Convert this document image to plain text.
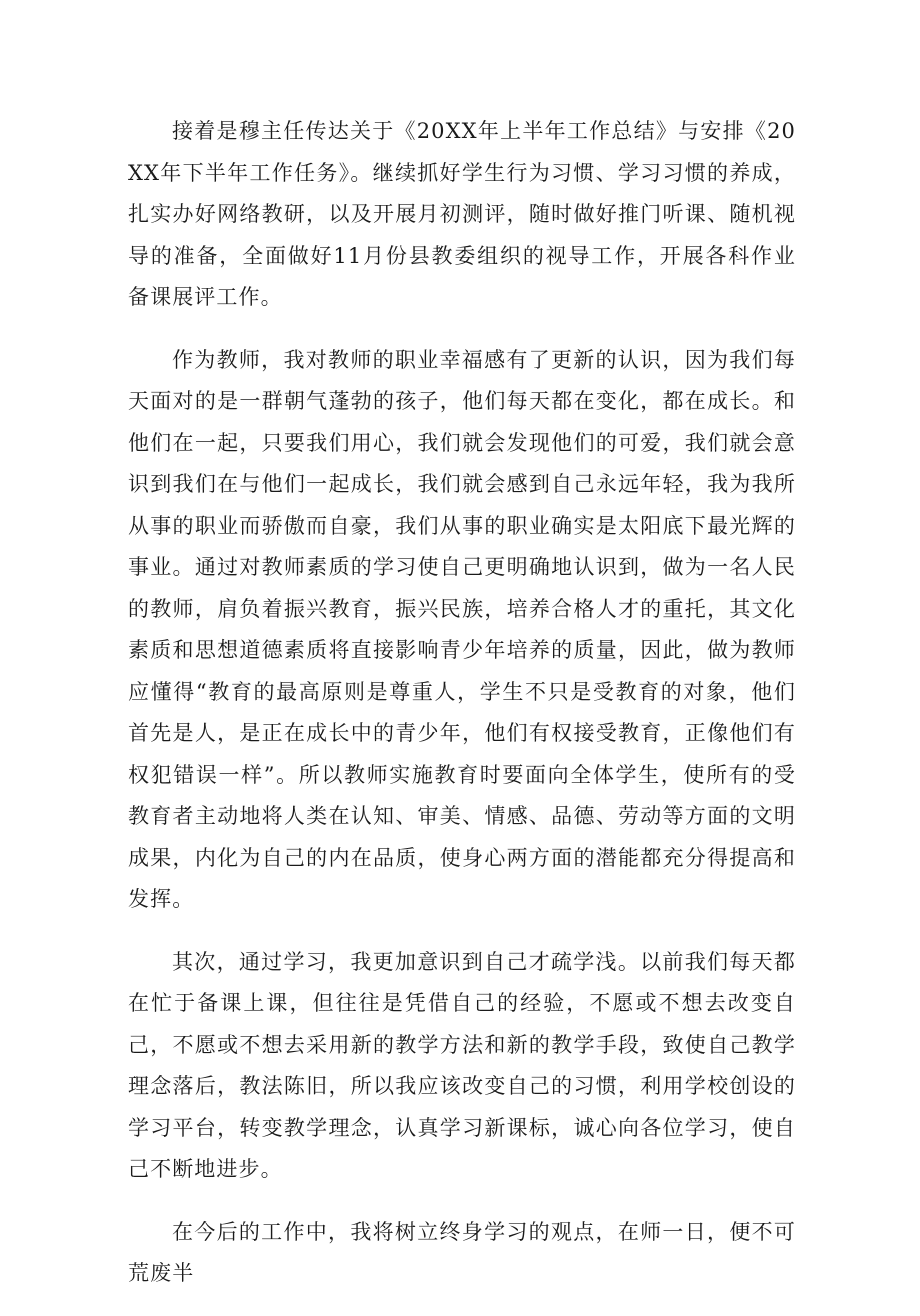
接着是穆主任传达关于《20XX年上半年工作总结》与安排《20XX年下半年工作任务》。继续抓好学生行为习惯、学习习惯的养成，扎实办好网络教研，以及开展月初测评，随时做好推门听课、随机视导的准备，全面做好11月份县教委组织的视导工作，开展各科作业备课展评工作。

作为教师，我对教师的职业幸福感有了更新的认识，因为我们每天面对的是一群朝气蓬勃的孩子，他们每天都在变化，都在成长。和他们在一起，只要我们用心，我们就会发现他们的可爱，我们就会意识到我们在与他们一起成长，我们就会感到自己永远年轻，我为我所从事的职业而骄傲而自豪，我们从事的职业确实是太阳底下最光辉的事业。通过对教师素质的学习使自己更明确地认识到，做为一名人民的教师，肩负着振兴教育，振兴民族，培养合格人才的重托，其文化素质和思想道德素质将直接影响青少年培养的质量，因此，做为教师应懂得“教育的最高原则是尊重人，学生不只是受教育的对象，他们首先是人，是正在成长中的青少年，他们有权接受教育，正像他们有权犯错误一样”。所以教师实施教育时要面向全体学生，使所有的受教育者主动地将人类在认知、审美、情感、品德、劳动等方面的文明成果，内化为自己的内在品质，使身心两方面的潜能都充分得提高和发挥。

其次，通过学习，我更加意识到自己才疏学浅。以前我们每天都在忙于备课上课，但往往是凭借自己的经验，不愿或不想去改变自己，不愿或不想去采用新的教学方法和新的教学手段，致使自己教学理念落后，教法陈旧，所以我应该改变自己的习惯，利用学校创设的学习平台，转变教学理念，认真学习新课标，诚心向各位学习，使自己不断地进步。

在今后的工作中，我将树立终身学习的观点，在师一日，便不可荒废半
